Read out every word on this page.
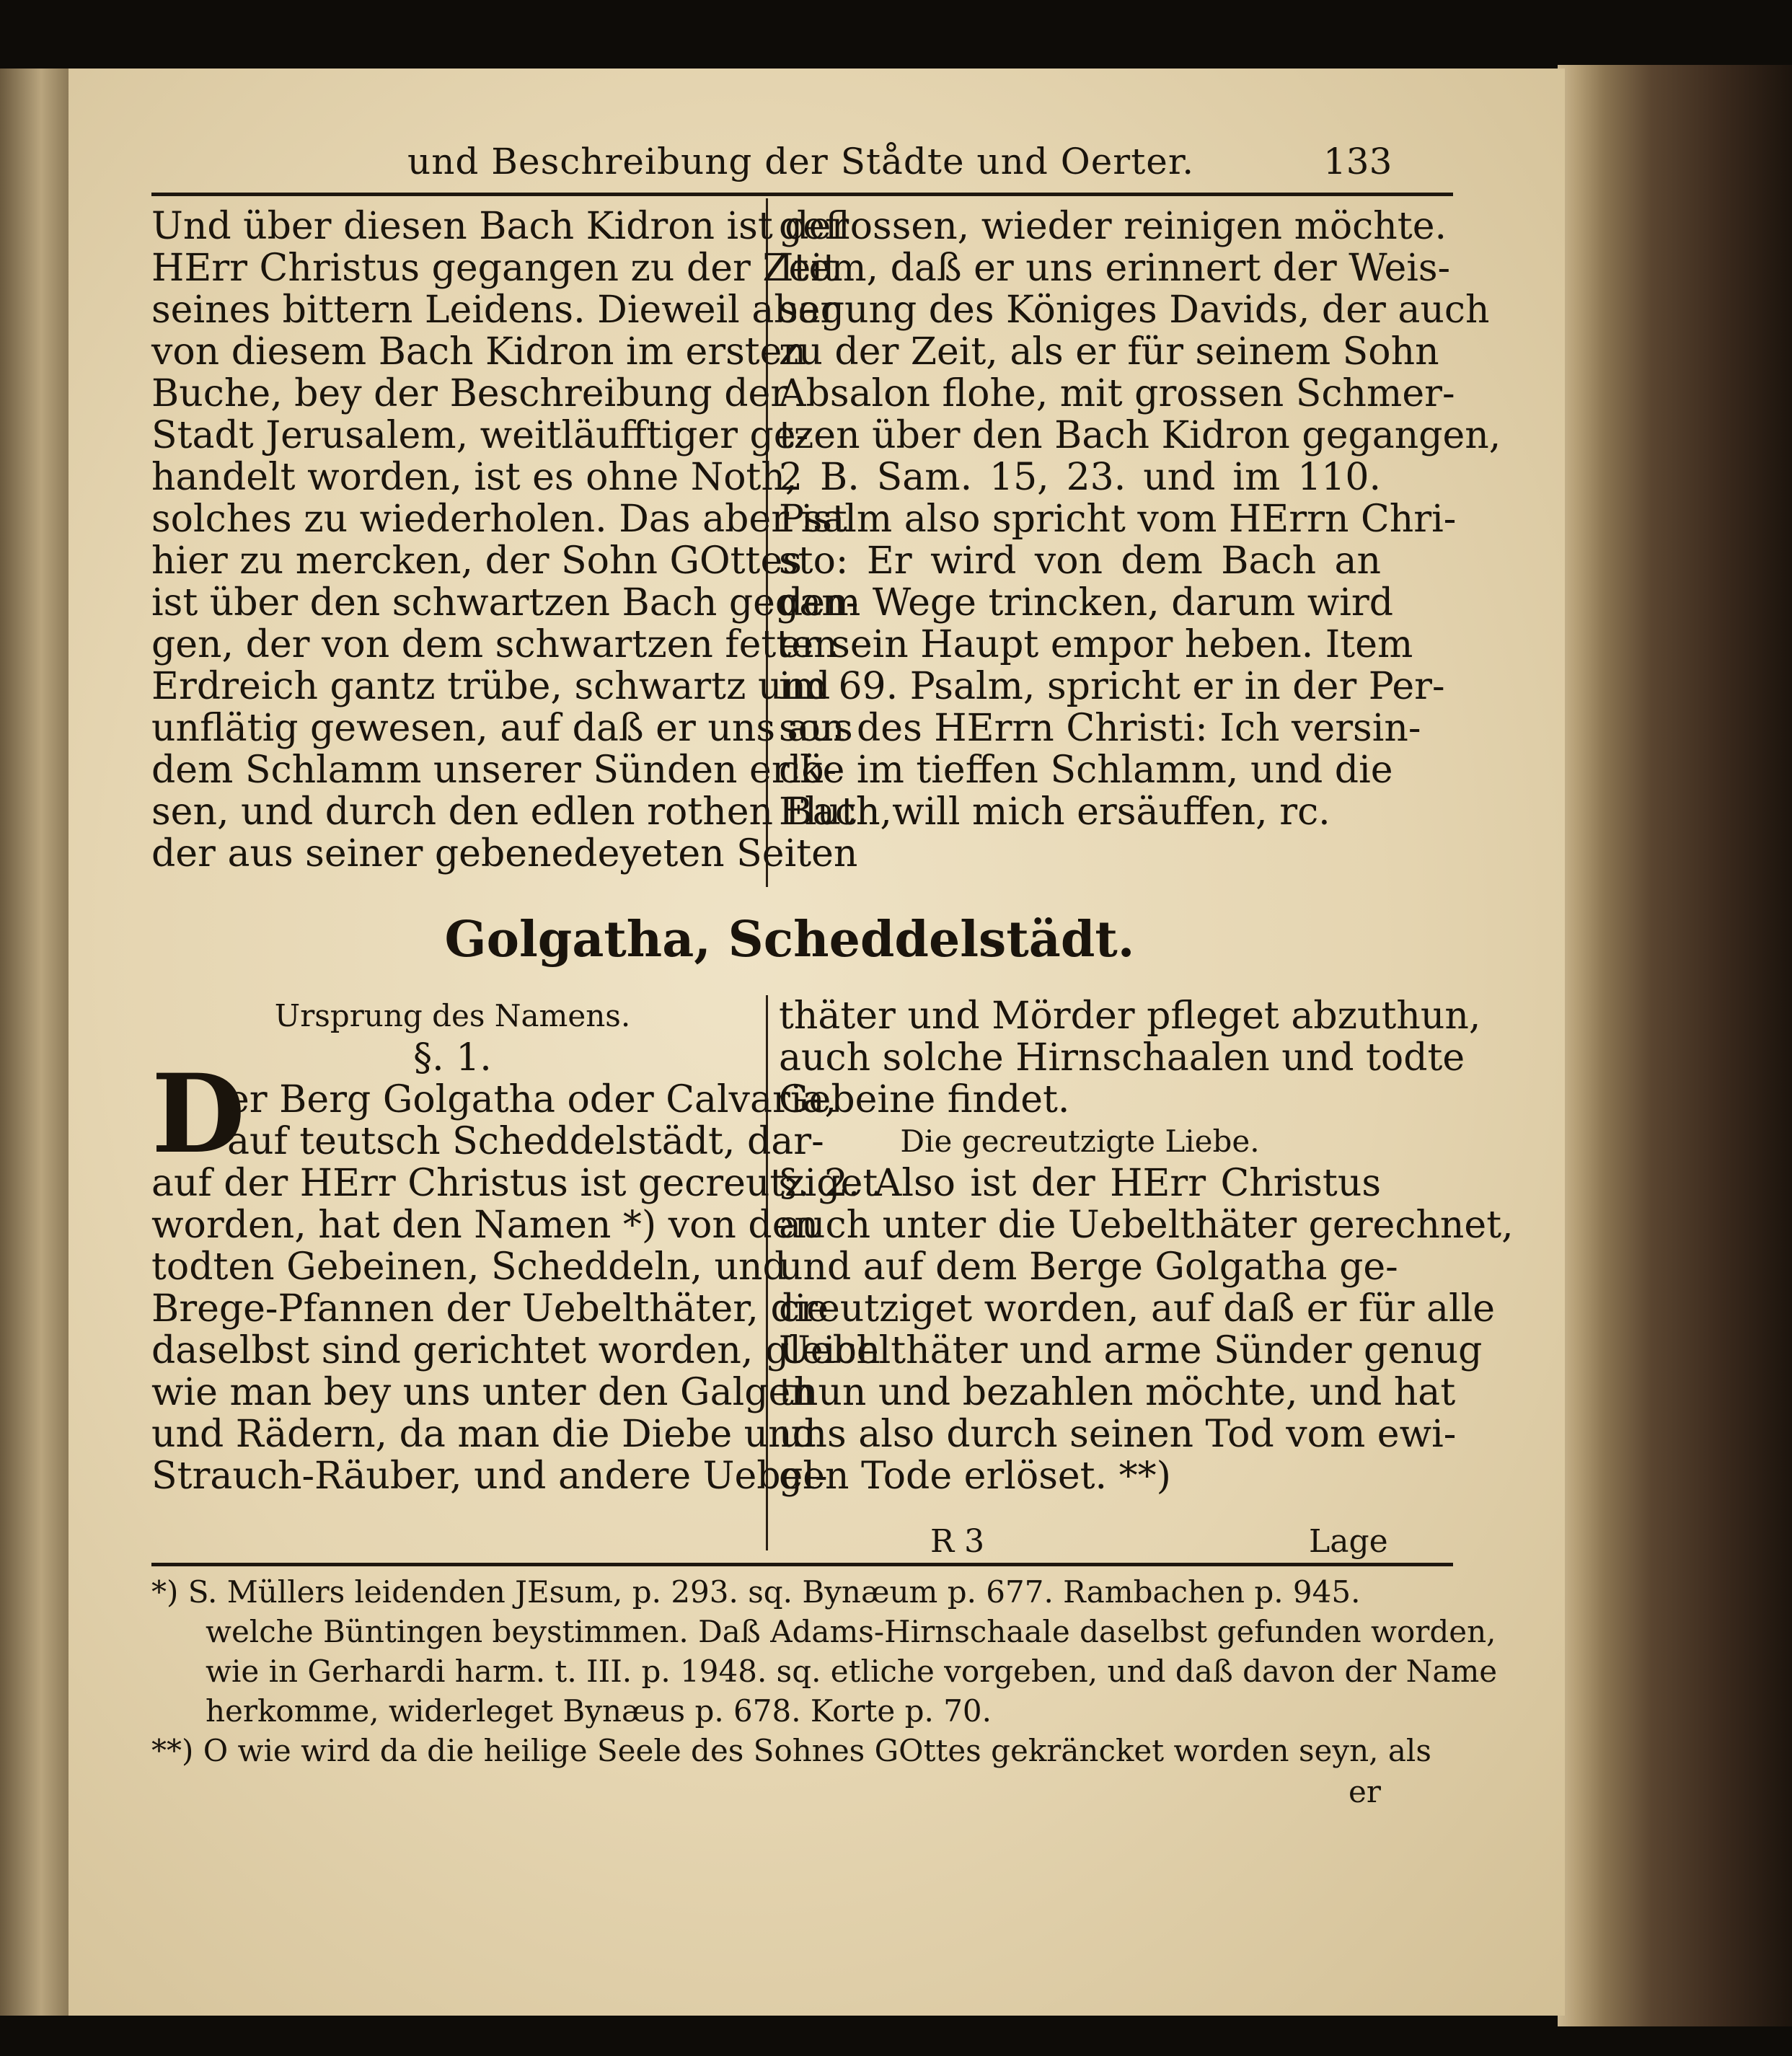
und Beschreibung der Stådte und Oerter.	133
Und über diesen Bach Kidron ist der
HErr Christus gegangen zu der Zeit
seines bittern Leidens. Dieweil aber
von diesem Bach Kidron im ersten
Buche, bey der Beschreibung der
Stadt Jerusalem, weitläufftiger ge-
handelt worden, ist es ohne Noth,
solches zu wiederholen. Das aber ist
hier zu mercken, der Sohn GOttes
ist über den schwartzen Bach gegan-
gen, der von dem schwartzen fetten
Erdreich gantz trübe, schwartz und
unflätig gewesen, auf daß er uns aus
dem Schlamm unserer Sünden erlö-
sen, und durch den edlen rothen Bach,
der aus seiner gebenedeyeten Seiten
geflossen, wieder reinigen möchte.
Item, daß er uns erinnert der Weis-
sagung des Königes Davids, der auch
zu der Zeit, als er für seinem Sohn
Absalon flohe, mit grossen Schmer-
tzen über den Bach Kidron gegangen,
2 B. Sam. 15, 23. und im 110.
Psalm also spricht vom HErrn Chri-
sto: Er wird von dem Bach an
dem Wege trincken, darum wird
er sein Haupt empor heben. Item
im 69. Psalm, spricht er in der Per-
son des HErrn Christi: Ich versin-
cke im tieffen Schlamm, und die
Fluth will mich ersäuffen, rc.
Golgatha, Scheddelstädt.
Ursprung des Namens.
§. 1.
D
er Berg Golgatha oder Calvaria,
auf teutsch Scheddelstädt, dar-
auf der HErr Christus ist gecreutziget
worden, hat den Namen *) von den
todten Gebeinen, Scheddeln, und
Brege-Pfannen der Uebelthäter, die
daselbst sind gerichtet worden, gleich
wie man bey uns unter den Galgen
und Rädern, da man die Diebe und
Strauch-Räuber, und andere Uebel-
thäter und Mörder pfleget abzuthun,
auch solche Hirnschaalen und todte
Gebeine findet.
Die gecreutzigte Liebe.
§. 2. Also ist der HErr Christus
auch unter die Uebelthäter gerechnet,
und auf dem Berge Golgatha ge-
creutziget worden, auf daß er für alle
Uebelthäter und arme Sünder genug
thun und bezahlen möchte, und hat
uns also durch seinen Tod vom ewi-
gen Tode erlöset. **)
R 3	Lage
*) S. Müllers leidenden JEsum, p. 293. sq. Bynæum p. 677. Rambachen p. 945.
welche Büntingen beystimmen. Daß Adams-Hirnschaale daselbst gefunden worden,
wie in Gerhardi harm. t. III. p. 1948. sq. etliche vorgeben, und daß davon der Name
herkomme, widerleget Bynæus p. 678. Korte p. 70.
**) O wie wird da die heilige Seele des Sohnes GOttes gekräncket worden seyn, als
er
